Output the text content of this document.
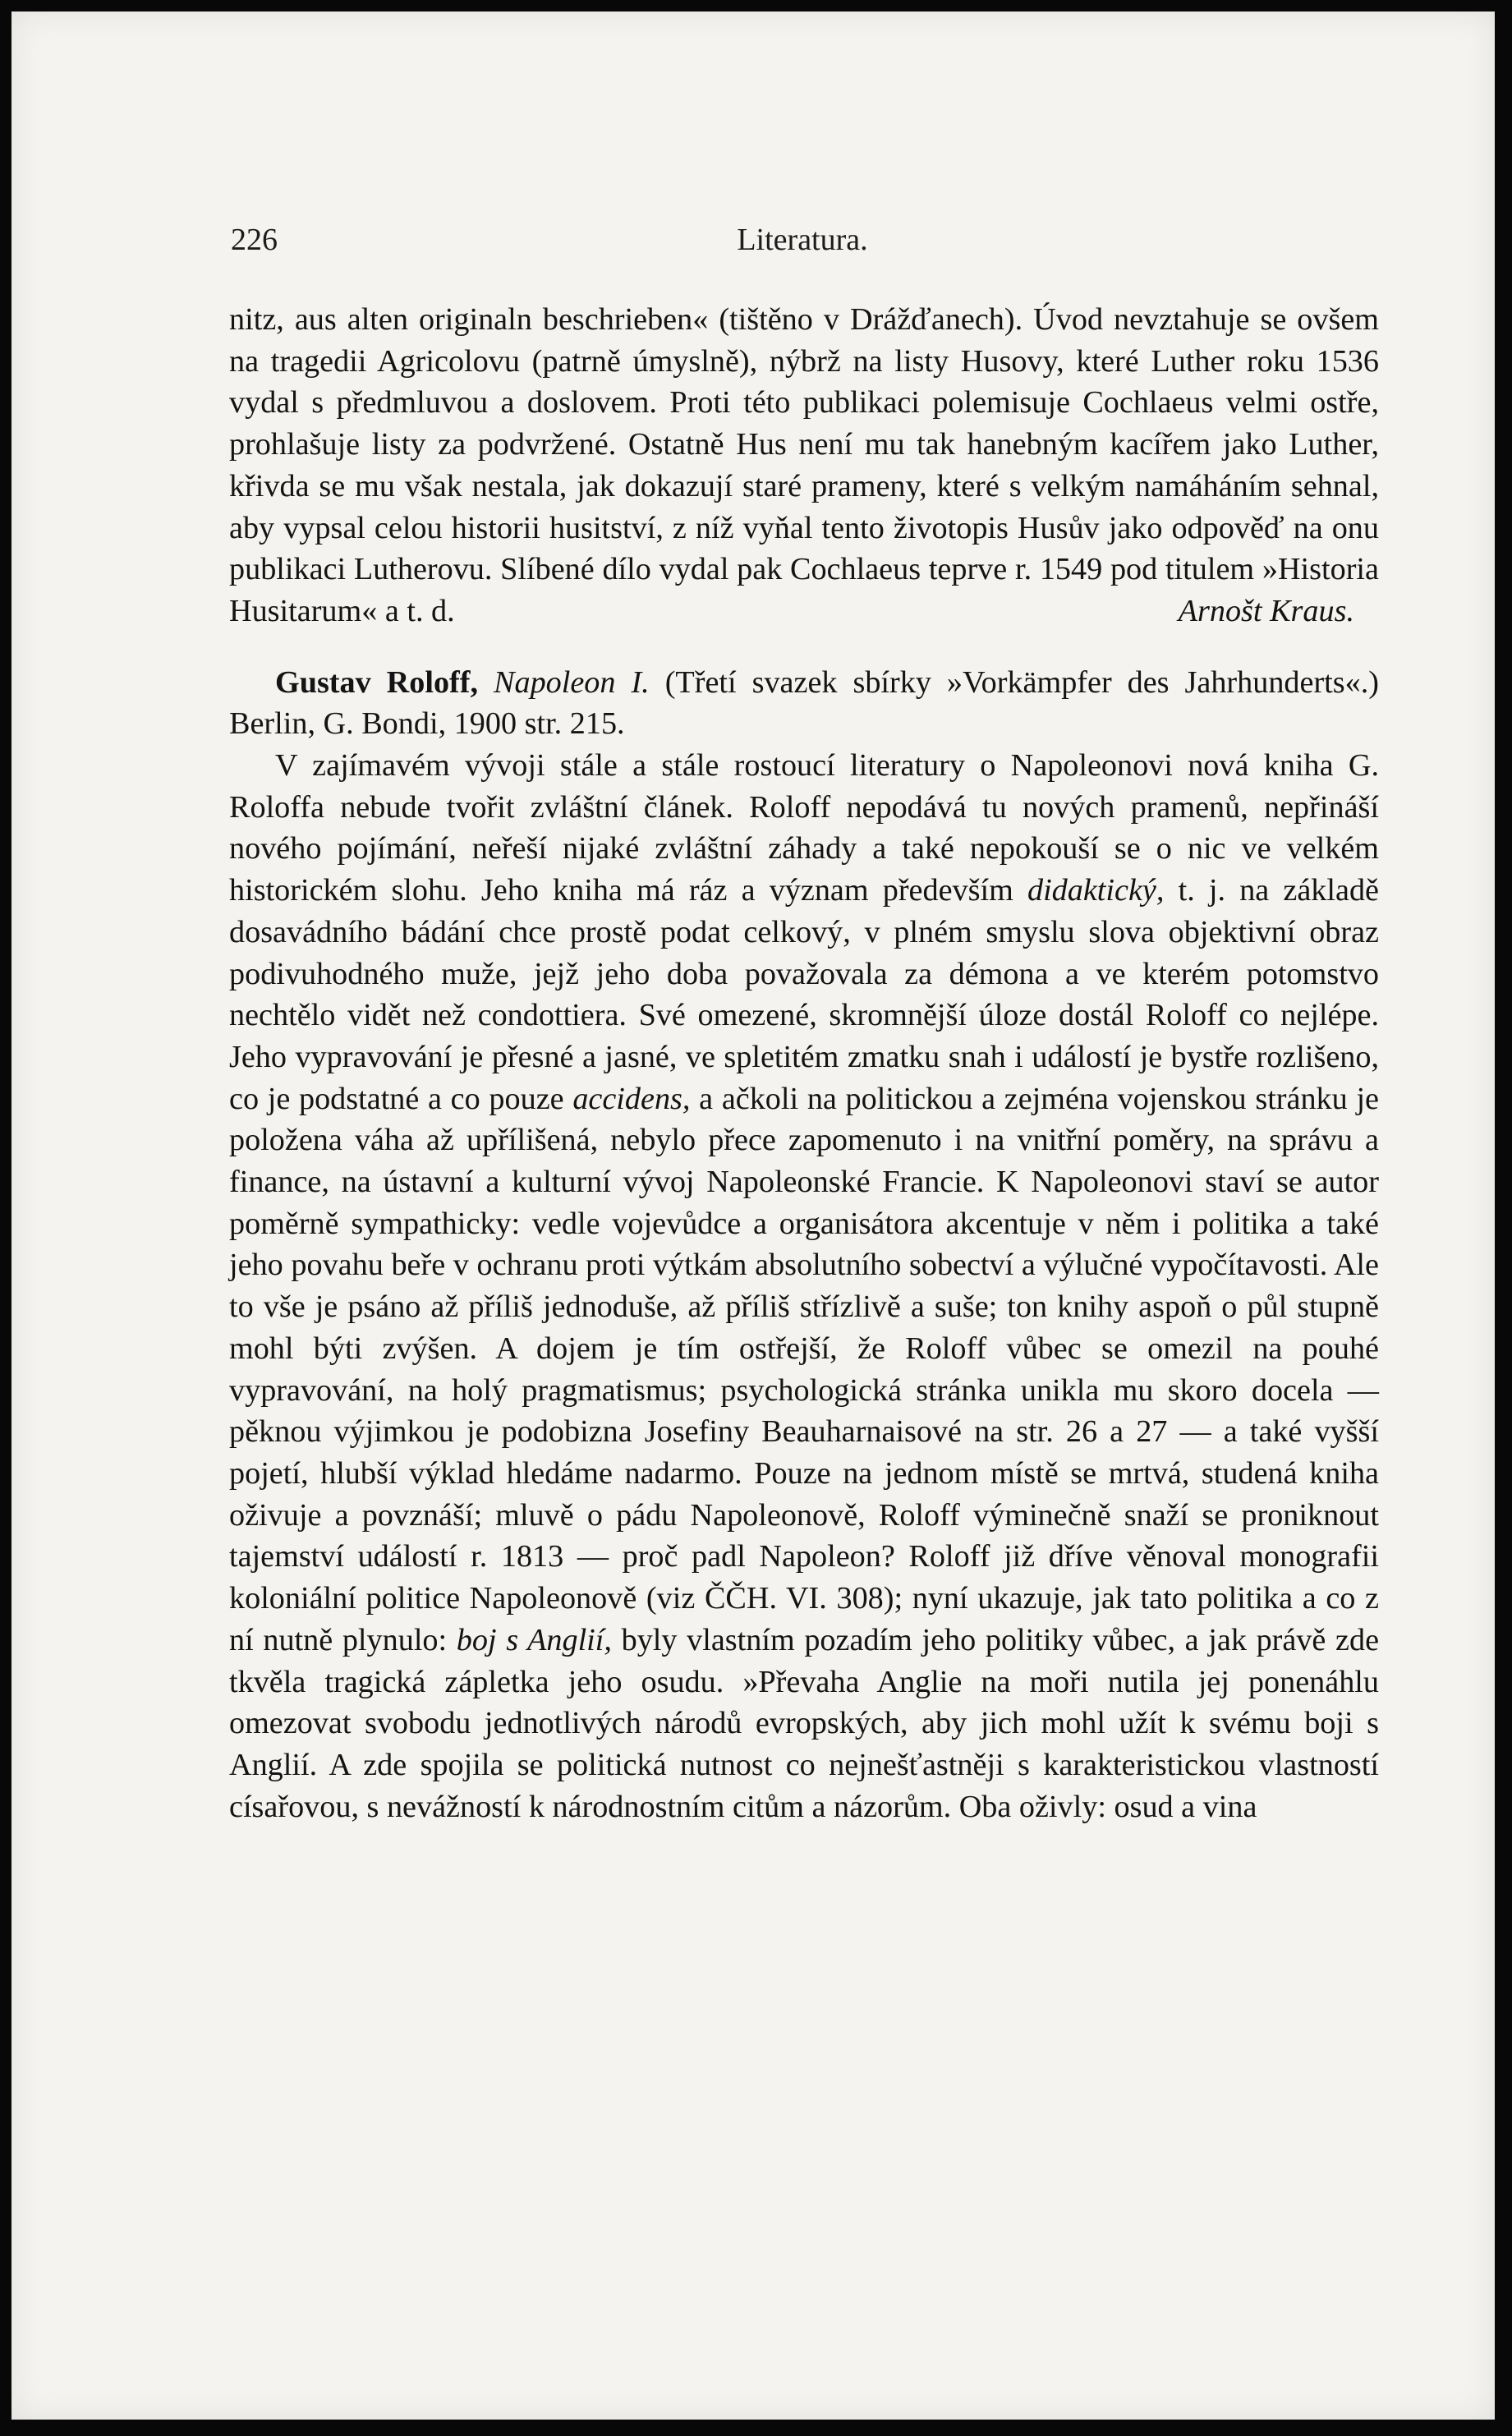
226	Literatura.

nitz, aus alten originaln beschrieben« (tištěno v Drážďanech). Úvod nevztahuje se ovšem na tragedii Agricolovu (patrně úmyslně), nýbrž na listy Husovy, které Luther roku 1536 vydal s předmluvou a doslovem. Proti této publikaci polemisuje Cochlaeus velmi ostře, prohlašuje listy za podvržené. Ostatně Hus není mu tak hanebným kacířem jako Luther, křivda se mu však nestala, jak dokazují staré prameny, které s velkým namáháním sehnal, aby vypsal celou historii husitství, z níž vyňal tento životopis Husův jako odpověď na onu publikaci Lutherovu. Slíbené dílo vydal pak Cochlaeus teprve r. 1549 pod titulem »Historia Husitarum« a t. d.	Arnošt Kraus.

Gustav Roloff, Napoleon I. (Třetí svazek sbírky »Vorkämpfer des Jahrhunderts«.) Berlin, G. Bondi, 1900 str. 215.

V zajímavém vývoji stále a stále rostoucí literatury o Napoleonovi nová kniha G. Roloffa nebude tvořit zvláštní článek. Roloff nepodává tu nových pramenů, nepřináší nového pojímání, neřeší nijaké zvláštní záhady a také nepokouší se o nic ve velkém historickém slohu. Jeho kniha má ráz a význam především didaktický, t. j. na základě dosavádního bádání chce prostě podat celkový, v plném smyslu slova objektivní obraz podivuhodného muže, jejž jeho doba považovala za démona a ve kterém potomstvo nechtělo vidět než condottiera. Své omezené, skromnější úloze dostál Roloff co nejlépe. Jeho vypravování je přesné a jasné, ve spletitém zmatku snah i událostí je bystře rozlišeno, co je podstatné a co pouze accidens, a ačkoli na politickou a zejména vojenskou stránku je položena váha až upřílišená, nebylo přece zapomenuto i na vnitřní poměry, na správu a finance, na ústavní a kulturní vývoj Napoleonské Francie. K Napoleonovi staví se autor poměrně sympathicky: vedle vojevůdce a organisátora akcentuje v něm i politika a také jeho povahu beře v ochranu proti výtkám absolutního sobectví a výlučné vypočítavosti. Ale to vše je psáno až příliš jednoduše, až příliš střízlivě a suše; ton knihy aspoň o půl stupně mohl býti zvýšen. A dojem je tím ostřejší, že Roloff vůbec se omezil na pouhé vypravování, na holý pragmatismus; psychologická stránka unikla mu skoro docela — pěknou výjimkou je podobizna Josefiny Beauharnaisové na str. 26 a 27 — a také vyšší pojetí, hlubší výklad hledáme nadarmo. Pouze na jednom místě se mrtvá, studená kniha oživuje a povznáší; mluvě o pádu Napoleonově, Roloff výminečně snaží se proniknout tajemství událostí r. 1813 — proč padl Napoleon? Roloff již dříve věnoval monografii koloniální politice Napoleonově (viz ČČH. VI. 308); nyní ukazuje, jak tato politika a co z ní nutně plynulo: boj s Anglií, byly vlastním pozadím jeho politiky vůbec, a jak právě zde tkvěla tragická zápletka jeho osudu. »Převaha Anglie na moři nutila jej ponenáhlu omezovat svobodu jednotlivých národů evropských, aby jich mohl užít k svému boji s Anglií. A zde spojila se politická nutnost co nejnešťastněji s karakteristickou vlastností císařovou, s nevážností k národnostním citům a názorům. Oba oživly: osud a vina
